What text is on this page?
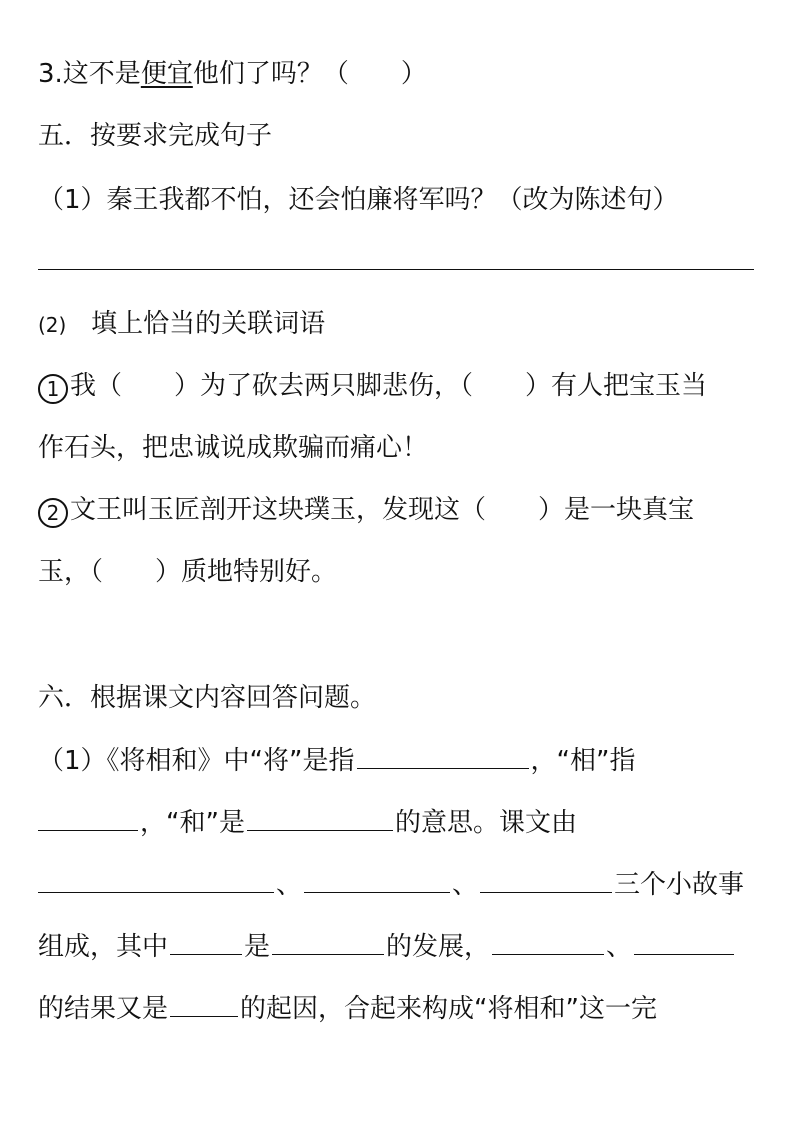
3.这不是便宜他们了吗？（　　）
五．按要求完成句子
（1）秦王我都不怕，还会怕廉将军吗？（改为陈述句）
(2) 填上恰当的关联词语
1 我（　　）为了砍去两只脚悲伤，（　　）有人把宝玉当
作石头，把忠诚说成欺骗而痛心！
2 文王叫玉匠剖开这块璞玉，发现这（　　）是一块真宝
玉，（　　）质地特别好。
六．根据课文内容回答问题。
（1）《将相和》中“将”是指	，“相”指
，“和”是	的意思。课文由
、	、	三个小故事
组成，其中	是	的发展，	、
的结果又是	的起因，合起来构成“将相和”这一完
